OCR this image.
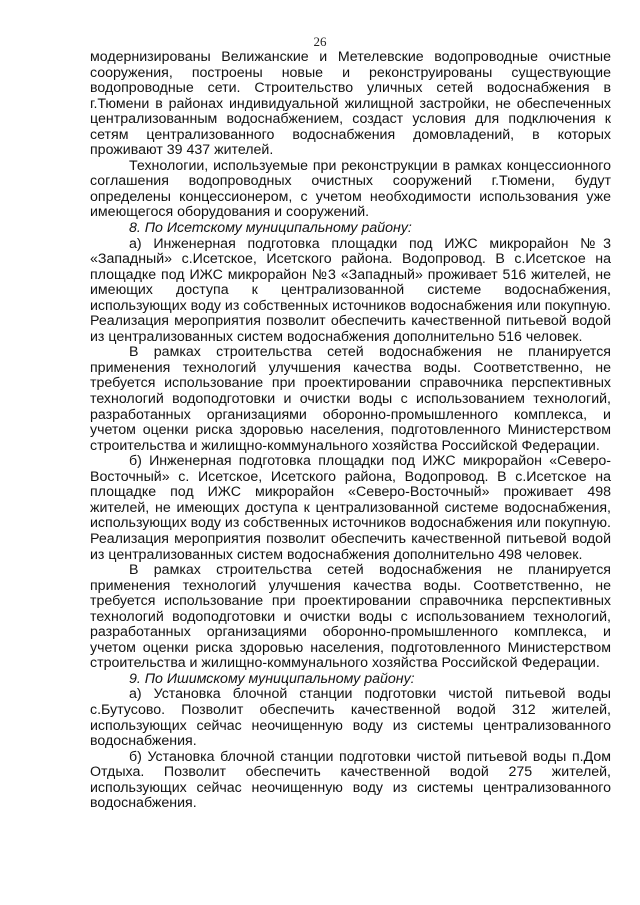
26

модернизированы Велижанские и Метелевские водопроводные очистные сооружения, построены новые и реконструированы существующие водопроводные сети. Строительство уличных сетей водоснабжения в г.Тюмени в районах индивидуальной жилищной застройки, не обеспеченных централизованным водоснабжением, создаст условия для подключения к сетям централизованного водоснабжения домовладений, в которых проживают 39 437 жителей.

Технологии, используемые при реконструкции в рамках концессионного соглашения водопроводных очистных сооружений г.Тюмени, будут определены концессионером, с учетом необходимости использования уже имеющегося оборудования и сооружений.

8. По Исетскому муниципальному району:

а) Инженерная подготовка площадки под ИЖС микрорайон №3 «Западный» с.Исетское, Исетского района. Водопровод. В с.Исетское на площадке под ИЖС микрорайон №3 «Западный» проживает 516 жителей, не имеющих доступа к централизованной системе водоснабжения, использующих воду из собственных источников водоснабжения или покупную. Реализация мероприятия позволит обеспечить качественной питьевой водой из централизованных систем водоснабжения дополнительно 516 человек.

В рамках строительства сетей водоснабжения не планируется применения технологий улучшения качества воды. Соответственно, не требуется использование при проектировании справочника перспективных технологий водоподготовки и очистки воды с использованием технологий, разработанных организациями оборонно-промышленного комплекса, и учетом оценки риска здоровью населения, подготовленного Министерством строительства и жилищно-коммунального хозяйства Российской Федерации.

б) Инженерная подготовка площадки под ИЖС микрорайон «Северо-Восточный» с. Исетское, Исетского района, Водопровод. В с.Исетское на площадке под ИЖС микрорайон «Северо-Восточный» проживает 498 жителей, не имеющих доступа к централизованной системе водоснабжения, использующих воду из собственных источников водоснабжения или покупную. Реализация мероприятия позволит обеспечить качественной питьевой водой из централизованных систем водоснабжения дополнительно 498 человек.

В рамках строительства сетей водоснабжения не планируется применения технологий улучшения качества воды. Соответственно, не требуется использование при проектировании справочника перспективных технологий водоподготовки и очистки воды с использованием технологий, разработанных организациями оборонно-промышленного комплекса, и учетом оценки риска здоровью населения, подготовленного Министерством строительства и жилищно-коммунального хозяйства Российской Федерации.

9. По Ишимскому муниципальному району:

а) Установка блочной станции подготовки чистой питьевой воды с.Бутусово. Позволит обеспечить качественной водой 312 жителей, использующих сейчас неочищенную воду из системы централизованного водоснабжения.

б) Установка блочной станции подготовки чистой питьевой воды п.Дом Отдыха. Позволит обеспечить качественной водой 275 жителей, использующих сейчас неочищенную воду из системы централизованного водоснабжения.
